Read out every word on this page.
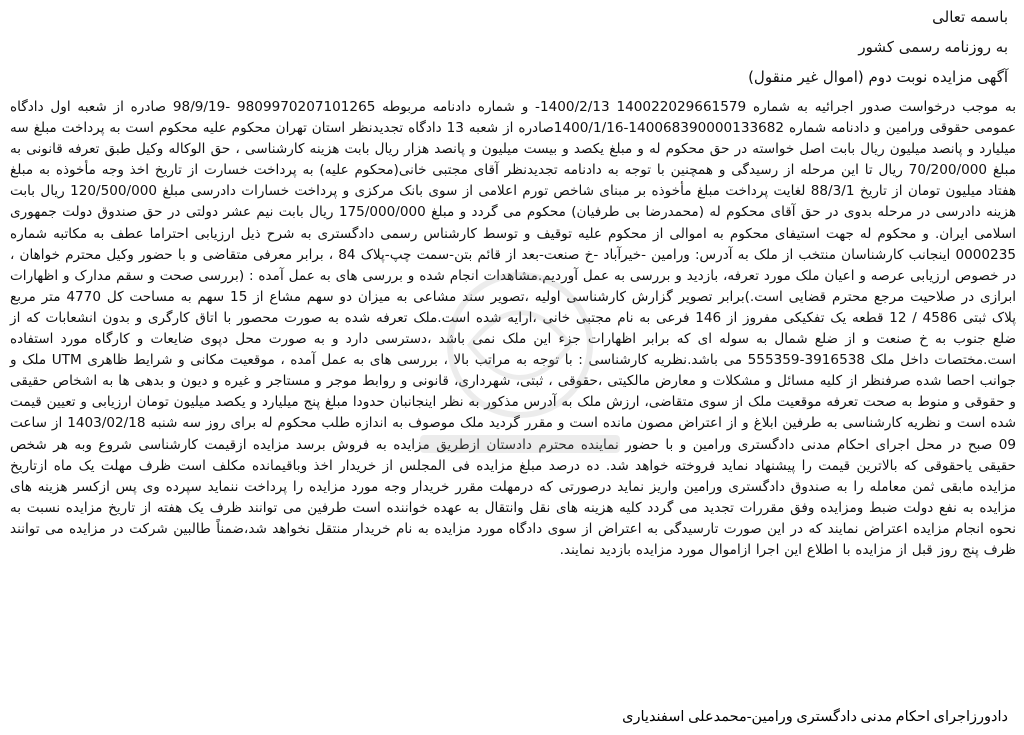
باسمه تعالی
به روزنامه رسمی کشور
آگهی مزایده نوبت دوم (اموال غیر منقول)
به موجب درخواست صدور اجرائیه به شماره 140022029661579 1400/2/13- و شماره دادنامه مربوطه 9809970207101265 -98/9/19 صادره از شعبه اول دادگاه عمومی حقوقی ورامین و دادنامه شماره 140068390000133682-1400/1/16صادره از شعبه 13 دادگاه تجدیدنظر استان تهران محکوم علیه محکوم است به پرداخت مبلغ سه میلیارد و پانصد میلیون ریال بابت اصل خواسته در حق محکوم له و مبلغ یکصد و بیست میلیون و پانصد هزار ریال بابت هزینه کارشناسی ، حق الوکاله وکیل طبق تعرفه قانونی به مبلغ 70/200/000 ریال تا این مرحله از رسیدگی و همچنین با توجه به دادنامه تجدیدنظر آقای مجتبی خانی(محکوم علیه) به پرداخت خسارت از تاریخ اخذ وجه مأخوذه به مبلغ هفتاد میلیون تومان از تاریخ 88/3/1 لغایت پرداخت مبلغ مأخوذه بر مبنای شاخص تورم اعلامی از سوی بانک مرکزی و پرداخت خسارات دادرسی مبلغ 120/500/000 ریال بابت هزینه دادرسی در مرحله بدوی در حق آقای محکوم له (محمدرضا بی طرفیان) محکوم می گردد و مبلغ 175/000/000 ریال بابت نیم عشر دولتی در حق صندوق دولت جمهوری اسلامی ایران. و محکوم له جهت استیفای محکوم به اموالی از محکوم علیه توقیف و توسط کارشناس رسمی دادگستری به شرح ذیل ارزیابی احتراما عطف به مکاتبه شماره 0000235 اینجانب کارشناسان منتخب از ملک به آدرس: ورامین -خیرآباد -خ صنعت-بعد از قائم بتن-سمت چپ-پلاک 84 ، برابر معرفی متقاضی و با حضور وکیل محترم خواهان ، در خصوص ارزیابی عرصه و اعیان ملک مورد تعرفه، بازدید و بررسی به عمل آوردیم.مشاهدات انجام شده و بررسی های به عمل آمده : (بررسی صحت و سقم مدارک و اظهارات ابرازی در صلاحیت مرجع محترم قضایی است.)برابر تصویر گزارش کارشناسی اولیه ،تصویر سند مشاعی به میزان دو سهم مشاع از 15 سهم به مساحت کل 4770 متر مربع پلاک ثبتی 4586 / 12 قطعه یک تفکیکی مفروز از 146 فرعی به نام مجتبی خانی ،ارایه شده است.ملک تعرفه شده به صورت محصور با اتاق کارگری و بدون انشعابات که از ضلع جنوب به خ صنعت و از ضلع شمال به سوله ای که برابر اظهارات جزء این ملک نمی باشد ،دسترسی دارد و به صورت محل دپوی ضایعات و کارگاه مورد استفاده است.مختصات داخل ملک 3916538-555359 می باشد.نظریه کارشناسی : با توجه به مراتب بالا ، بررسی های به عمل آمده ، موقعیت مکانی و شرایط ظاهری UTM ملک و جوانب احصا شده صرفنظر از کلیه مسائل و مشکلات و معارض مالکیتی ،حقوقی ، ثبتی، شهرداری، قانونی و روابط موجر و مستاجر و غیره و دیون و بدهی ها به اشخاص حقیقی و حقوقی و منوط به صحت تعرفه موقعیت ملک از سوی متقاضی، ارزش ملک به آدرس مذکور به نظر اینجانبان حدودا مبلغ پنج میلیارد و یکصد میلیون تومان ارزیابی و تعیین قیمت شده است و نظریه کارشناسی به طرفین ابلاغ و از اعتراض مصون مانده است و مقرر گردید ملک موصوف به اندازه طلب محکوم له برای روز سه شنبه 1403/02/18 از ساعت 09 صبح در محل اجرای احکام مدنی دادگستری ورامین و با حضور نماینده محترم دادستان ازطریق مزایده به فروش برسد مزایده ازقیمت کارشناسی شروع وبه هر شخص حقیقی یاحقوقی که بالاترین قیمت را پیشنهاد نماید فروخته خواهد شد. ده درصد مبلغ مزایده فی المجلس از خریدار اخذ وباقیمانده مکلف است ظرف مهلت یک ماه ازتاریخ مزایده مابقی ثمن معامله را به صندوق دادگستری ورامین واریز نماید درصورتی که درمهلت مقرر خریدار وجه مورد مزایده را پرداخت ننماید سپرده وی پس ازکسر هزینه های مزایده به نفع دولت ضبط ومزایده وفق مقررات تجدید می گردد کلیه هزینه های نقل وانتقال به عهده خواننده است طرفین می توانند ظرف یک هفته از تاریخ مزایده نسبت به نحوه انجام مزایده اعتراض نمایند که در این صورت تارسیدگی به اعتراض از سوی دادگاه مورد مزایده به نام خریدار منتقل نخواهد شد،ضمناً طالبین شرکت در مزایده می توانند ظرف پنج روز قبل از مزایده با اطلاع این اجرا ازاموال مورد مزایده بازدید نمایند.
دادورزاجرای احکام مدنی دادگستری ورامین-محمدعلی اسفندیاری
